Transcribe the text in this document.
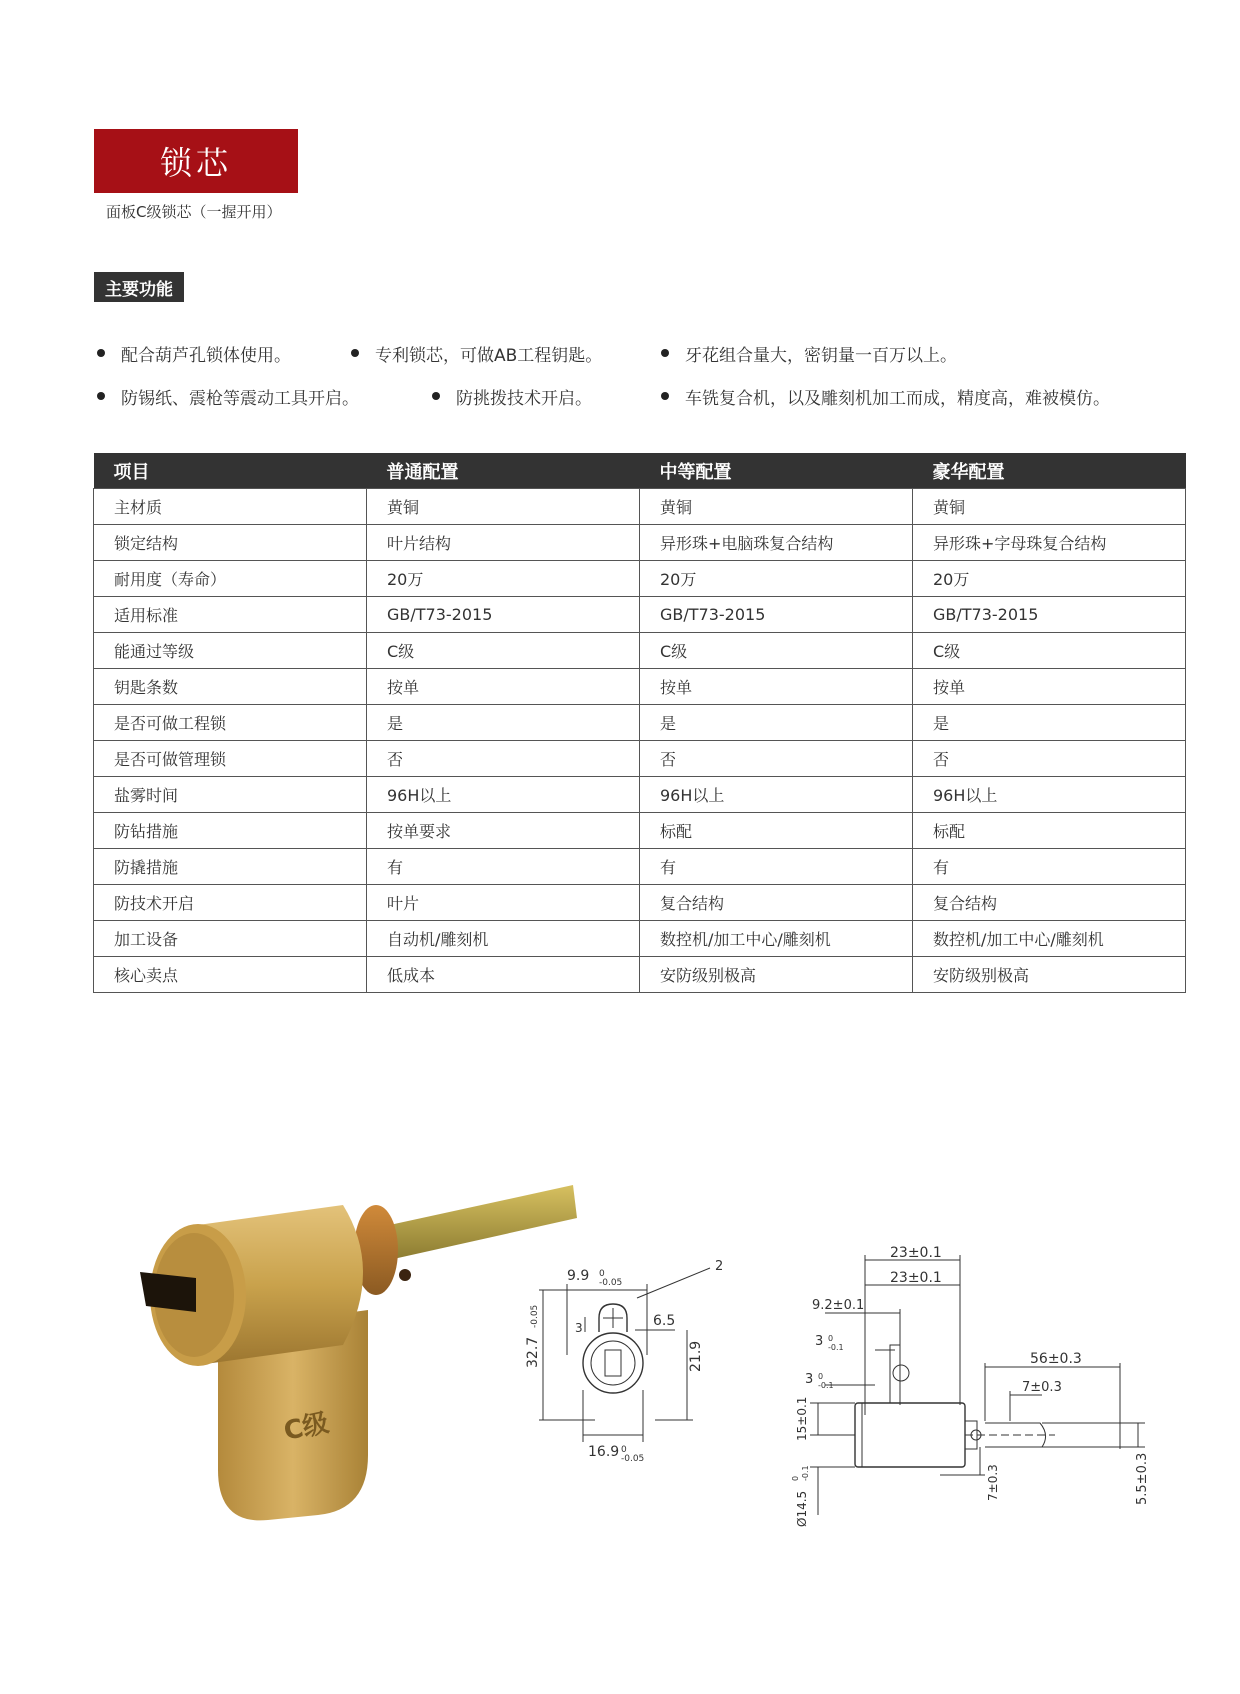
锁芯
面板C级锁芯（一握开用）
主要功能
配合葫芦孔锁体使用。	专利锁芯，可做AB工程钥匙。	牙花组合量大，密钥量一百万以上。
防锡纸、震枪等震动工具开启。	防挑拨技术开启。	车铣复合机，以及雕刻机加工而成，精度高，难被模仿。
项目	普通配置	中等配置	豪华配置
主材质	黄铜	黄铜	黄铜
锁定结构	叶片结构	异形珠+电脑珠复合结构	异形珠+字母珠复合结构
耐用度（寿命）	20万	20万	20万
适用标准	GB/T73-2015	GB/T73-2015	GB/T73-2015
能通过等级	C级	C级	C级
钥匙条数	按单	按单	按单
是否可做工程锁	是	是	是
是否可做管理锁	否	否	否
盐雾时间	96H以上	96H以上	96H以上
防钻措施	按单要求	标配	标配
防撬措施	有	有	有
防技术开启	叶片	复合结构	复合结构
加工设备	自动机/雕刻机	数控机/加工中心/雕刻机	数控机/加工中心/雕刻机
核心卖点	低成本	安防级别极高	安防级别极高
C级
9.9 -0.05
0	2
3	6.5
32.7
-0.05
21.9
16.9 -0.05
0
23±0.1
23±0.1
9.2±0.1
3 -0.1
0
3 -0.1
0
56±0.3
7±0.3
15±0.1
7±0.3	5.5±0.3
Ø14.5
-0.1
0
